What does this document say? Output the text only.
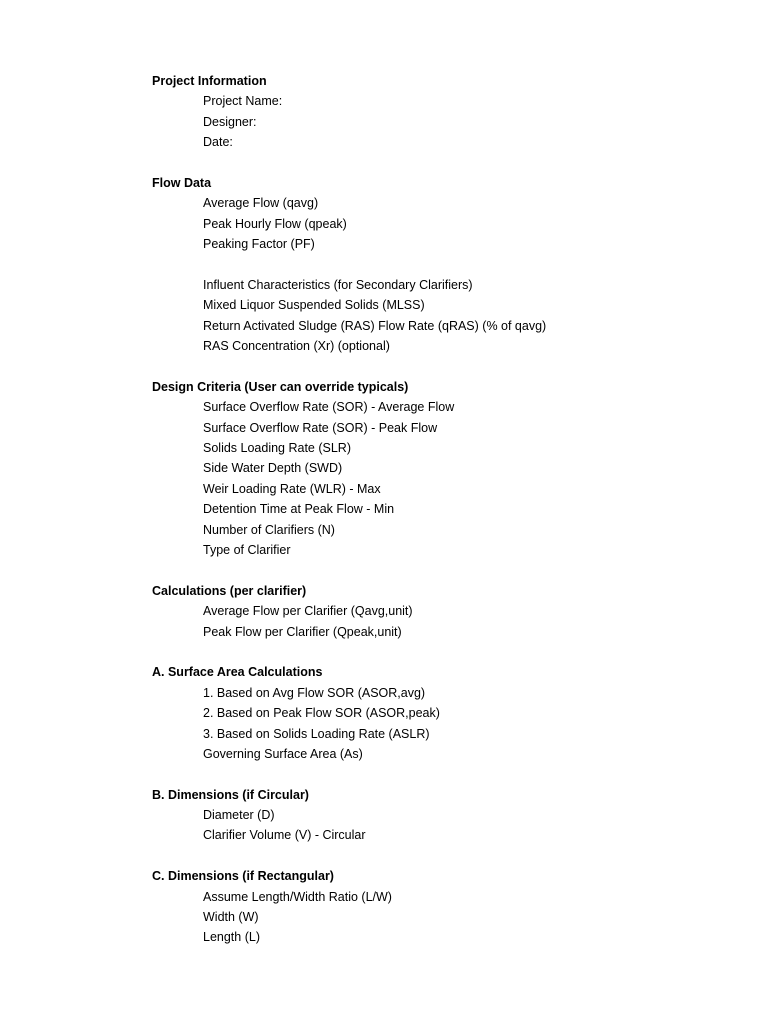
Project Information
Project Name:
Designer:
Date:
Flow Data
Average Flow (qavg)
Peak Hourly Flow (qpeak)
Peaking Factor (PF)
Influent Characteristics (for Secondary Clarifiers)
Mixed Liquor Suspended Solids (MLSS)
Return Activated Sludge (RAS) Flow Rate (qRAS) (% of qavg)
RAS Concentration (Xr) (optional)
Design Criteria (User can override typicals)
Surface Overflow Rate (SOR) - Average Flow
Surface Overflow Rate (SOR) - Peak Flow
Solids Loading Rate (SLR)
Side Water Depth (SWD)
Weir Loading Rate (WLR) - Max
Detention Time at Peak Flow - Min
Number of Clarifiers (N)
Type of Clarifier
Calculations (per clarifier)
Average Flow per Clarifier (Qavg,unit)
Peak Flow per Clarifier (Qpeak,unit)
A. Surface Area Calculations
1. Based on Avg Flow SOR (ASOR,avg)
2. Based on Peak Flow SOR (ASOR,peak)
3. Based on Solids Loading Rate (ASLR)
Governing Surface Area (As)
B. Dimensions (if Circular)
Diameter (D)
Clarifier Volume (V) - Circular
C. Dimensions (if Rectangular)
Assume Length/Width Ratio (L/W)
Width (W)
Length (L)
